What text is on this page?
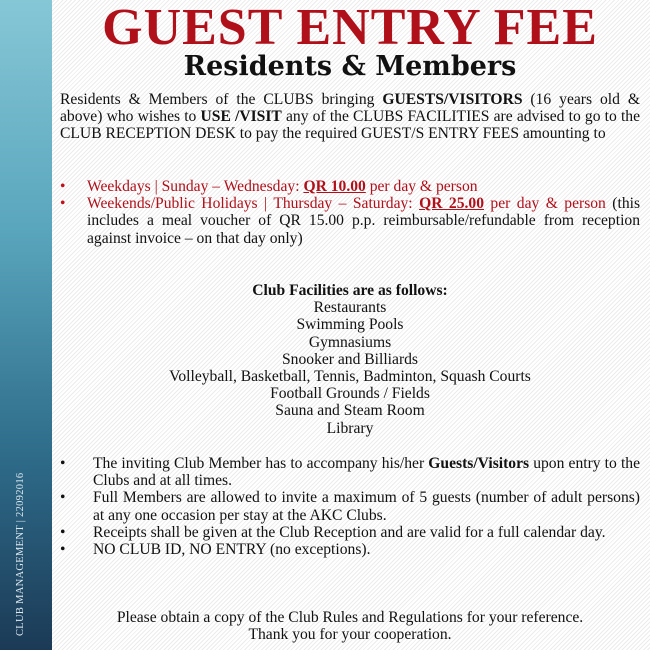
CLUB MANAGEMENT | 22092016
GUEST ENTRY FEE
Residents & Members

Residents & Members of the CLUBS bringing GUESTS/VISITORS (16 years old & above) who wishes to USE /VISIT any of the CLUBS FACILITIES are advised to go to the CLUB RECEPTION DESK to pay the required GUEST/S ENTRY FEES amounting to

• Weekdays | Sunday – Wednesday: QR 10.00 per day & person
• Weekends/Public Holidays | Thursday – Saturday: QR 25.00 per day & person (this includes a meal voucher of QR 15.00 p.p. reimbursable/refundable from reception against invoice – on that day only)
Club Facilities are as follows:
Restaurants
Swimming Pools
Gymnasiums
Snooker and Billiards
Volleyball, Basketball, Tennis, Badminton, Squash Courts
Football Grounds / Fields
Sauna and Steam Room
Library
• The inviting Club Member has to accompany his/her Guests/Visitors upon entry to the Clubs and at all times.
• Full Members are allowed to invite a maximum of 5 guests (number of adult persons) at any one occasion per stay at the AKC Clubs.
• Receipts shall be given at the Club Reception and are valid for a full calendar day.
• NO CLUB ID, NO ENTRY (no exceptions).
Please obtain a copy of the Club Rules and Regulations for your reference.
Thank you for your cooperation.
